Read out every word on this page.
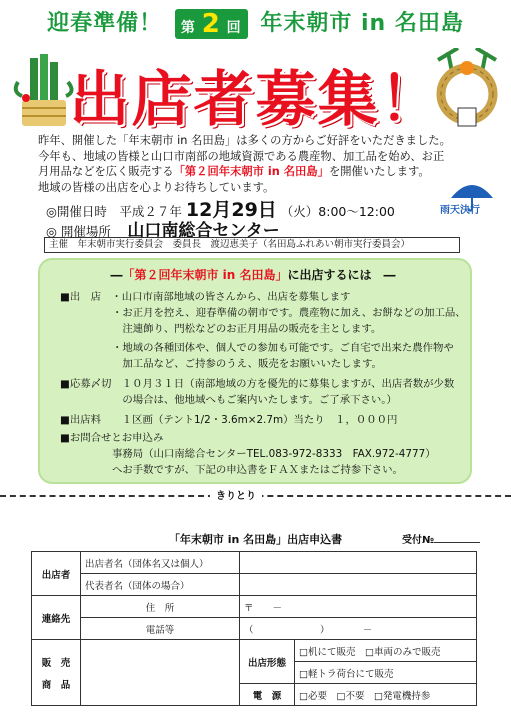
迎春準備！ 第 2 回 年末朝市 in 名田島
出店者募集！
昨年、開催した「年末朝市 in 名田島」は多くの方からご好評をいただきました。
今年も、地域の皆様と山口市南部の地域資源である農産物、加工品を始め、お正
月用品などを広く販売する「第２回年末朝市 in 名田島」を開催いたします。
地域の皆様の出店を心よりお待ちしています。
◎開催日時　平成２７年 12月29日 （火）8:00～12:00	雨天決行
◎ 開催場所　 山口南総合センター
主催　年末朝市実行委員会　委員長　渡辺恵美子（名田島ふれあい朝市実行委員会）
―「第２回年末朝市 in 名田島」に出店するには　―
■出　店　・山口市南部地域の皆さんから、出店を募集します
　　　　　・お正月を控え、迎春準備の朝市です。農産物に加え、お餅などの加工品、
　　　　　　注連飾り、門松などのお正月用品の販売を主とします。
　　　　　・地域の各種団体や、個人での参加も可能です。ご自宅で出来た農作物や
　　　　　　加工品など、ご持参のうえ、販売をお願いいたします。
■応募〆切　１０月３１日（南部地域の方を優先的に募集しますが、出店者数が少数
　　　　　　の場合は、他地域へもご案内いたします。ご了承下さい。）
■出店料　　１区画（テント1/2・3.6m×2.7m）当たり　１，０００円
■お問合せとお申込み
　　　　　事務局（山口南総合センターTEL.083-972-8333　FAX.972-4777）
　　　　　へお手数ですが、下記の申込書をＦＡＸまたはご持参下さい。
きりとり
「年末朝市 in 名田島」出店申込書	受付№
出店者	出店者名（団体名又は個人）		
	代表者名（団体の場合）		
連絡先	住　所	〒　　－	
	電話等	（　　　　　　　）　　　　－	

販　売
商　品		出店形態	□机にて販売　□車両のみで販売
			□軽トラ荷台にて販売
		電　源	□必要　□不要　□発電機持参
